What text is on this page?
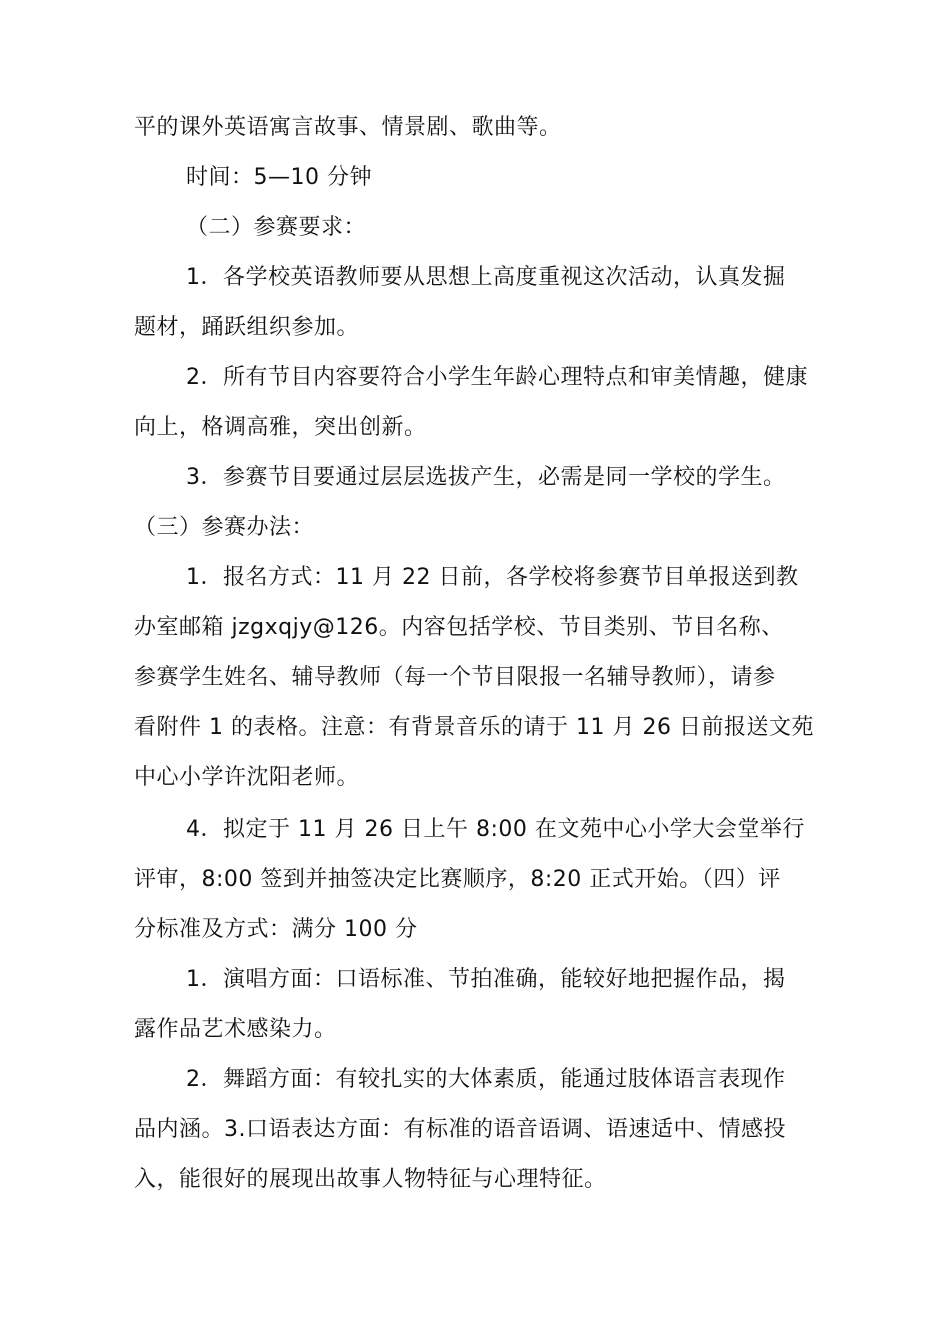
平的课外英语寓言故事、情景剧、歌曲等。
时间：5—10 分钟
（二）参赛要求：
1．各学校英语教师要从思想上高度重视这次活动，认真发掘
题材，踊跃组织参加。
2．所有节目内容要符合小学生年龄心理特点和审美情趣，健康
向上，格调高雅，突出创新。
3．参赛节目要通过层层选拔产生，必需是同一学校的学生。
（三）参赛办法：
1．报名方式：11 月 22 日前，各学校将参赛节目单报送到教
办室邮箱 jzgxqjy@126。内容包括学校、节目类别、节目名称、
参赛学生姓名、辅导教师（每一个节目限报一名辅导教师），请参
看附件 1 的表格。注意：有背景音乐的请于 11 月 26 日前报送文苑
中心小学许沈阳老师。
4．拟定于 11 月 26 日上午 8:00 在文苑中心小学大会堂举行
评审，8:00 签到并抽签决定比赛顺序，8:20 正式开始。（四）评
分标准及方式：满分 100 分
1．演唱方面：口语标准、节拍准确，能较好地把握作品，揭
露作品艺术感染力。
2．舞蹈方面：有较扎实的大体素质，能通过肢体语言表现作
品内涵。3.口语表达方面：有标准的语音语调、语速适中、情感投
入，能很好的展现出故事人物特征与心理特征。
